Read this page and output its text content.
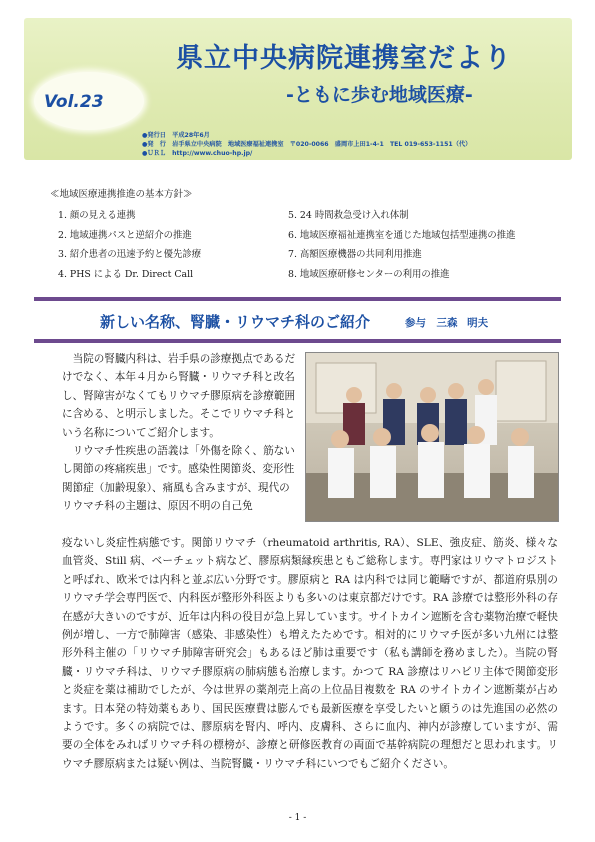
Vol.23
県立中央病院連携室だより
-ともに歩む地域医療-
●発行日　平成28年6月
●発　行　岩手県立中央病院　地域医療福祉連携室　〒020-0066　盛岡市上田1-4-1　TEL 019-653-1151（代）
●ＵＲＬ　http://www.chuo-hp.jp/
≪地域医療連携推進の基本方針≫
1. 顔の見える連携
2. 地域連携パスと逆紹介の推進
3. 紹介患者の迅速予約と優先診療
4. PHS による Dr. Direct Call
5. 24 時間救急受け入れ体制
6. 地域医療福祉連携室を通じた地域包括型連携の推進
7. 高額医療機器の共同利用推進
8. 地域医療研修センターの利用の推進
新しい名称、腎臓・リウマチ科のご紹介	参与　三森 明夫

　当院の腎臓内科は、岩手県の診療拠点であるだけでなく、本年４月から腎臓・リウマチ科と改名し、腎障害がなくてもリウマチ膠原病を診療範囲に含める、と明示しました。そこでリウマチ科という名称についてご紹介します。

　リウマチ性疾患の語義は「外傷を除く、筋ないし関節の疼痛疾患」です。感染性関節炎、変形性関節症（加齢現象）、痛風も含みますが、現代のリウマチ科の主題は、原因不明の自己免

疫ないし炎症性病態です。関節リウマチ（rheumatoid arthritis, RA）、SLE、強皮症、筋炎、様々な血管炎、Still 病、ベーチェット病など、膠原病類縁疾患ともご総称します。専門家はリウマトロジストと呼ばれ、欧米では内科と並ぶ広い分野です。膠原病と RA は内科では同じ範疇ですが、都道府県別のリウマチ学会専門医で、内科医が整形外科医よりも多いのは東京都だけです。RA 診療では整形外科の存在感が大きいのですが、近年は内科の役目が急上昇しています。サイトカイン遮断を含む薬物治療で軽快例が増し、一方で肺障害（感染、非感染性）も増えたためです。相対的にリウマチ医が多い九州には整形外科主催の「リウマチ肺障害研究会」もあるほど肺は重要です（私も講師を務めました）。当院の腎臓・リウマチ科は、リウマチ膠原病の肺病態も治療します。かつて RA 診療はリハビリ主体で関節変形と炎症を薬は補助でしたが、今は世界の薬剤売上高の上位品目複数を RA のサイトカイン遮断薬が占めます。日本発の特効薬もあり、国民医療費は膨んでも最新医療を享受したいと願うのは先進国の必然のようです。多くの病院では、膠原病を腎内、呼内、皮膚科、さらに血内、神内が診療していますが、需要の全体をみればリウマチ科の標榜が、診療と研修医教育の両面で基幹病院の理想だと思われます。リウマチ膠原病または疑い例は、当院腎臓・リウマチ科にいつでもご紹介ください。

- 1 -
